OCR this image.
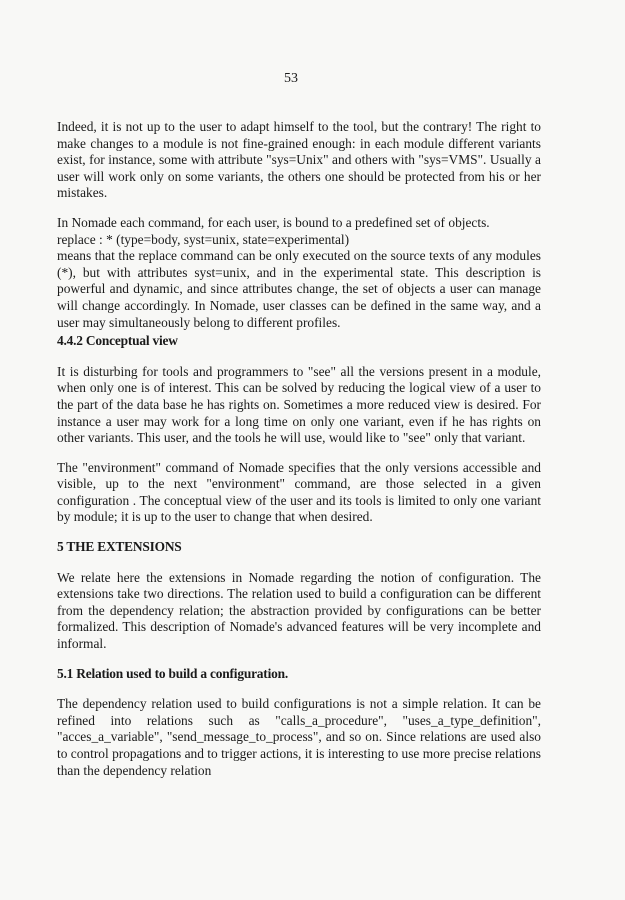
53

Indeed, it is not up to the user to adapt himself to the tool, but the contrary! The right to make changes to a module is not fine-grained enough: in each module different variants exist, for instance, some with attribute "sys=Unix" and others with "sys=VMS". Usually a user will work only on some variants, the others one should be protected from his or her mistakes.

In Nomade each command, for each user, is bound to a predefined set of objects.

replace : * (type=body, syst=unix, state=experimental)

means that the replace command can be only executed on the source texts of any modules (*), but with attributes syst=unix, and in the experimental state. This description is powerful and dynamic, and since attributes change, the set of objects a user can manage will change accordingly. In Nomade, user classes can be defined in the same way, and a user may simultaneously belong to different profiles.

4.4.2 Conceptual view

It is disturbing for tools and programmers to "see" all the versions present in a module, when only one is of interest. This can be solved by reducing the logical view of a user to the part of the data base he has rights on. Sometimes a more reduced view is desired. For instance a user may work for a long time on only one variant, even if he has rights on other variants. This user, and the tools he will use, would like to "see" only that variant.

The "environment" command of Nomade specifies that the only versions accessible and visible, up to the next "environment" command, are those selected in a given configuration . The conceptual view of the user and its tools is limited to only one variant by module; it is up to the user to change that when desired.

5 THE EXTENSIONS

We relate here the extensions in Nomade regarding the notion of configuration. The extensions take two directions. The relation used to build a configuration can be different from the dependency relation; the abstraction provided by configurations can be better formalized. This description of Nomade's advanced features will be very incomplete and informal.

5.1 Relation used to build a configuration.

The dependency relation used to build configurations is not a simple relation. It can be refined into relations such as "calls_a_procedure", "uses_a_type_definition", "acces_a_variable", "send_message_to_process", and so on. Since relations are used also to control propagations and to trigger actions, it is interesting to use more precise relations than the dependency relation
